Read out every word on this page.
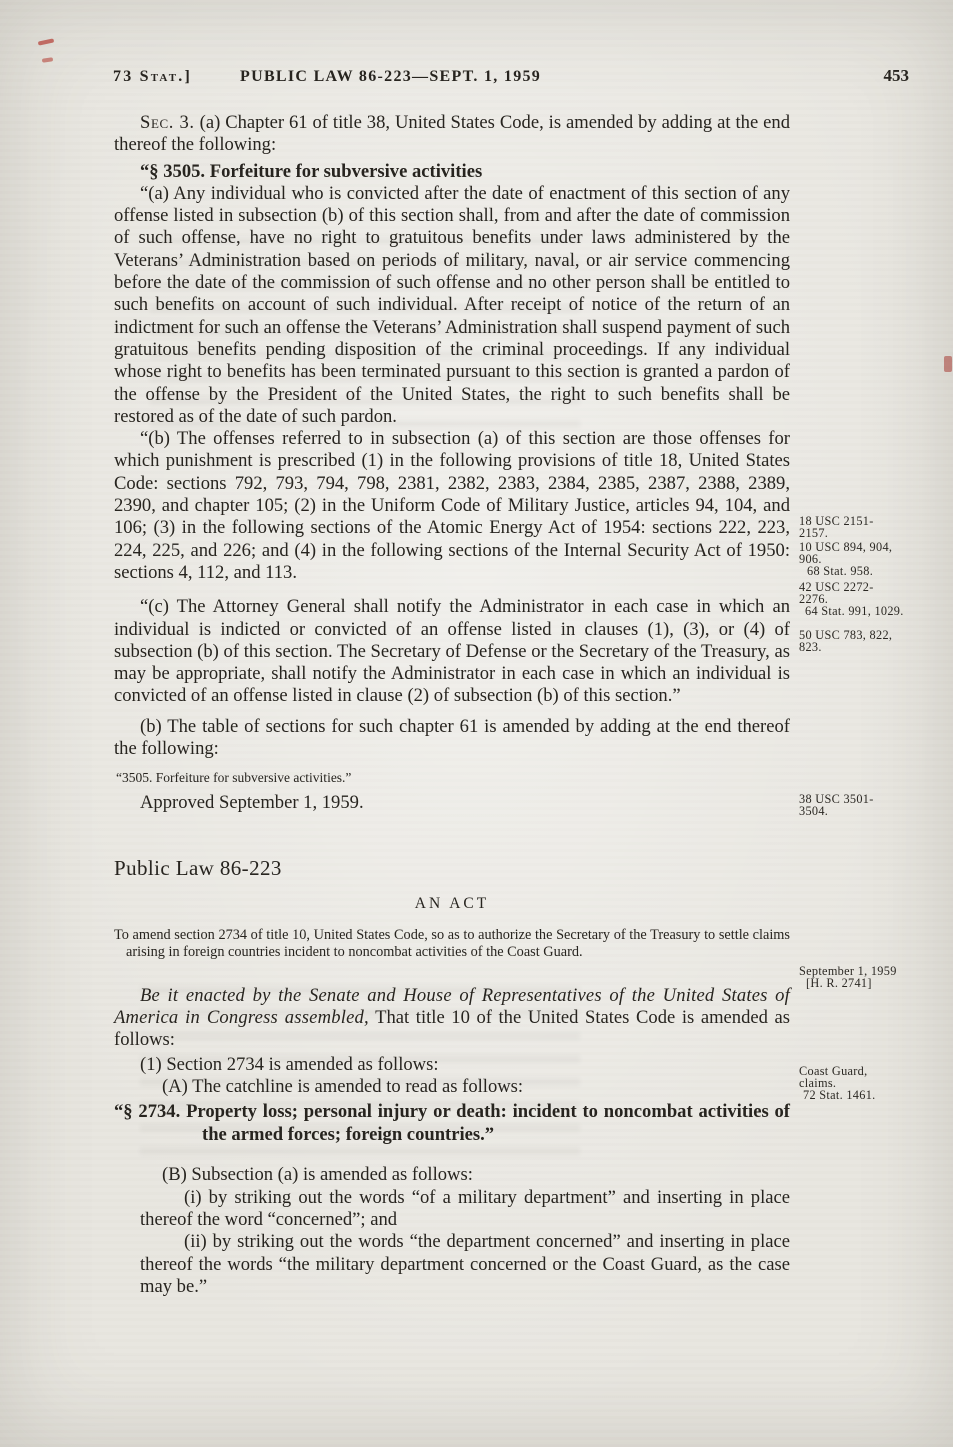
73 Stat.]	PUBLIC LAW 86-223—SEPT. 1, 1959	453

Sec. 3. (a) Chapter 61 of title 38, United States Code, is amended by adding at the end thereof the following:

“§ 3505. Forfeiture for subversive activities

“(a) Any individual who is convicted after the date of enactment of this section of any offense listed in subsection (b) of this section shall, from and after the date of commission of such offense, have no right to gratuitous benefits under laws administered by the Veterans’ Administration based on periods of military, naval, or air service commencing before the date of the commission of such offense and no other person shall be entitled to such benefits on account of such individual. After receipt of notice of the return of an indictment for such an offense the Veterans’ Administration shall suspend payment of such gratuitous benefits pending disposition of the criminal proceedings. If any individual whose right to benefits has been terminated pursuant to this section is granted a pardon of the offense by the President of the United States, the right to such benefits shall be restored as of the date of such pardon.

“(b) The offenses referred to in subsection (a) of this section are those offenses for which punishment is prescribed (1) in the following provisions of title 18, United States Code: sections 792, 793, 794, 798, 2381, 2382, 2383, 2384, 2385, 2387, 2388, 2389, 2390, and chapter 105; (2) in the Uniform Code of Military Justice, articles 94, 104, and 106; (3) in the following sections of the Atomic Energy Act of 1954: sections 222, 223, 224, 225, and 226; and (4) in the following sections of the Internal Security Act of 1950: sections 4, 112, and 113.

“(c) The Attorney General shall notify the Administrator in each case in which an individual is indicted or convicted of an offense listed in clauses (1), (3), or (4) of subsection (b) of this section. The Secretary of Defense or the Secretary of the Treasury, as may be appropriate, shall notify the Administrator in each case in which an individual is convicted of an offense listed in clause (2) of subsection (b) of this section.”

(b) The table of sections for such chapter 61 is amended by adding at the end thereof the following:

“3505. Forfeiture for subversive activities.”

Approved September 1, 1959.

Public Law 86-223
AN ACT

To amend section 2734 of title 10, United States Code, so as to authorize the Secretary of the Treasury to settle claims arising in foreign countries incident to noncombat activities of the Coast Guard.

Be it enacted by the Senate and House of Representatives of the United States of America in Congress assembled, That title 10 of the United States Code is amended as follows:

(1) Section 2734 is amended as follows:

(A) The catchline is amended to read as follows:

“§ 2734. Property loss; personal injury or death: incident to noncombat activities of the armed forces; foreign countries.”

(B) Subsection (a) is amended as follows:

(i) by striking out the words “of a military department” and inserting in place thereof the word “concerned”; and

(ii) by striking out the words “the department concerned” and inserting in place thereof the words “the military department concerned or the Coast Guard, as the case may be.”

18 USC 2151-2157.
10 USC 894, 904, 906.
68 Stat. 958.
42 USC 2272-2276.
64 Stat. 991, 1029.
50 USC 783, 822, 823.
38 USC 3501-3504.
September 1, 1959
[H. R. 2741]
Coast Guard, claims.
72 Stat. 1461.
